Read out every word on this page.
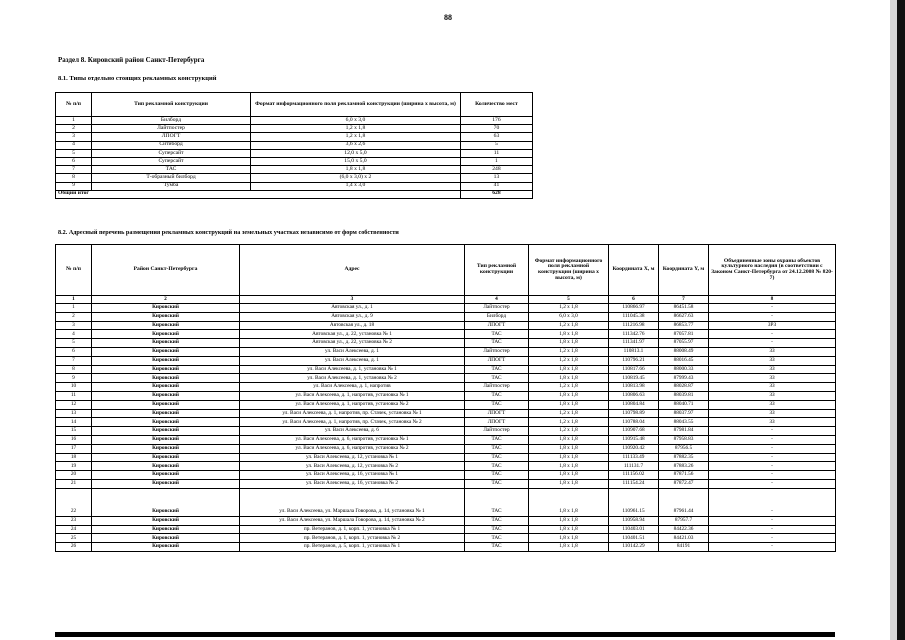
88
Раздел 8. Кировский район Санкт-Петербурга
8.1. Типы отдельно стоящих рекламных конструкций
№ п/п	Тип рекламной конструкции	Формат информационного поля рекламной конструкции (ширина х высота, м)	Количество мест
1	Билборд	6,0 x 3,0	176
2	Лайтпостер	1,2 x 1,8	70
3	ЛПОГТ	1,2 x 1,8	63
4	Ситиборд	3,6 x 2,6	5
5	Суперсайт	12,0 x 5,0	11
6	Суперсайт	15,0 x 5,0	1
7	ТАС	1,8 x 1,8	248
8	Т-образный билборд	(6,0 x 3,0) x 2	13
9	Тумба	1,4 x 3,0	41
Общий итог			628
8.2. Адресный перечень размещения рекламных конструкций на земельных участках независимо от форм собственности
№ п/п	Район Санкт-Петербурга	Адрес	Тип рекламной конструкции	Формат информационного поля рекламной конструкции (ширина х высота, м)	Координата X, м	Координата Y, м	Объединенные зоны охраны объектов культурного наследия (в соответствии с Законом Санкт-Петербурга от 24.12.2008 № 820-7)
1	2	3	4	5	6	7	8
1	Кировский	Автовская ул., д. 1	Лайтпостер	1,2 x 1,8	110866.97	86451.58	-
2	Кировский	Автовская ул., д. 9	Билборд	6,0 x 3,0	111045.38	86627.63	-
3	Кировский	Автовская ул., д. 18	ЛПОГТ	1,2 x 1,8	111216.98	86853.77	ЗРЗ
4	Кировский	Автовская ул., д. 22, установка № 1	ТАС	1,8 x 1,8	111342.76	87057.81	-
5	Кировский	Автовская ул., д. 22, установка № 2	ТАС	1,8 x 1,8	111341.97	87055.97	-
6	Кировский	ул. Васи Алексеева, д. 1	Лайтпостер	1,2 x 1,8	110813.1	88008.49	ЗЗ
7	Кировский	ул. Васи Алексеева, д. 1	ЛПОГТ	1,2 x 1,8	110796.21	88016.45	ЗЗ
8	Кировский	ул. Васи Алексеева, д. 1, установка № 1	ТАС	1,8 x 1,8	110817.66	88000.33	ЗЗ
9	Кировский	ул. Васи Алексеева, д. 1, установка № 2	ТАС	1,8 x 1,8	110819.45	87999.43	ЗЗ
10	Кировский	ул. Васи Алексеева, д. 1, напротив	Лайтпостер	1,2 x 1,8	110813.98	88028.87	ЗЗ
11	Кировский	ул. Васи Алексеева, д. 1, напротив, установка № 1	ТАС	1,8 x 1,8	110806.63	88039.81	ЗЗ
12	Кировский	ул. Васи Алексеева, д. 1, напротив, установка № 2	ТАС	1,8 x 1,8	110804.84	88040.71	ЗЗ
13	Кировский	ул. Васи Алексеева, д. 1, напротив, пр. Стачек, установка № 1	ЛПОГТ	1,2 x 1,8	110798.89	88037.97	ЗЗ
14	Кировский	ул. Васи Алексеева, д. 1, напротив, пр. Стачек, установка № 2	ЛПОГТ	1,2 x 1,8	110788.04	88043.55	ЗЗ
15	Кировский	ул. Васи Алексеева, д. 6	Лайтпостер	1,2 x 1,8	110907.68	87981.84	-
16	Кировский	ул. Васи Алексеева, д. 6, напротив, установка № 1	ТАС	1,8 x 1,8	110915.48	87958.83	-
17	Кировский	ул. Васи Алексеева, д. 6, напротив, установка № 2	ТАС	1,8 x 1,8	110920.42	87956.5	-
18	Кировский	ул. Васи Алексеева, д. 12, установка № 1	ТАС	1,8 x 1,8	111133.49	87882.35	-
19	Кировский	ул. Васи Алексеева, д. 12, установка № 2	ТАС	1,8 x 1,8	111131.7	87883.26	-
20	Кировский	ул. Васи Алексеева, д. 16, установка № 1	ТАС	1,8 x 1,8	111156.02	87871.56	-
21	Кировский	ул. Васи Алексеева, д. 16, установка № 2	ТАС	1,8 x 1,8	111154.24	87872.47	-
22	Кировский	ул. Васи Алексеева, ул. Маршала Говорова, д. 14, установка № 1	ТАС	1,8 x 1,8	110961.15	87961.44	-
23	Кировский	ул. Васи Алексеева, ул. Маршала Говорова, д. 14, установка № 2	ТАС	1,8 x 1,8	110958.94	87957.7	-
24	Кировский	пр. Ветеранов, д. 1, корп. 1, установка № 1	ТАС	1,8 x 1,8	110403.01	84422.36	-
25	Кировский	пр. Ветеранов, д. 1, корп. 1, установка № 2	ТАС	1,8 x 1,8	110401.51	84421.03	-
26	Кировский	пр. Ветеранов, д. 5, корп. 1, установка № 1	ТАС	1,8 x 1,8	110142.29	84191	-
